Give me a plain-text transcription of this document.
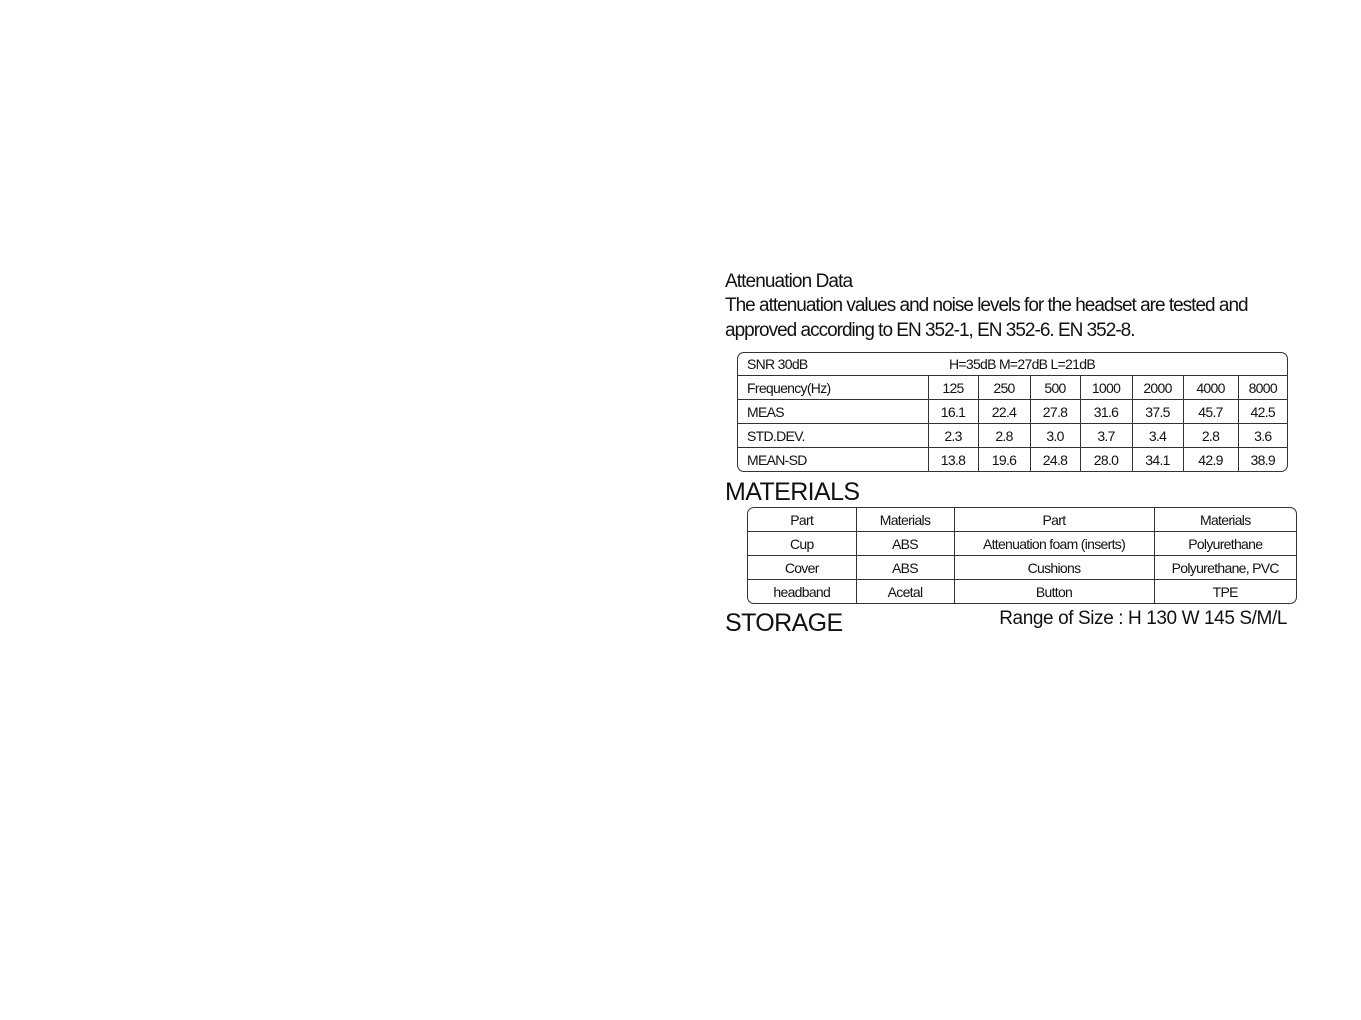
Attenuation Data

The attenuation values and noise levels for the headset are tested and approved according to EN 352-1, EN 352-6. EN 352-8.

SNR 30dB	H=35dB M=27dB L=21dB
Frequency(Hz)	125	250	500	1000	2000	4000	8000
MEAS	16.1	22.4	27.8	31.6	37.5	45.7	42.5
STD.DEV.	2.3	2.8	3.0	3.7	3.4	2.8	3.6
MEAN-SD	13.8	19.6	24.8	28.0	34.1	42.9	38.9

MATERIALS

Part	Materials	Part	Materials
Cup	ABS	Attenuation foam (inserts)	Polyurethane
Cover	ABS	Cushions	Polyurethane, PVC
headband	Acetal	Button	TPE

STORAGE	Range of Size : H 130 W 145 S/M/L
